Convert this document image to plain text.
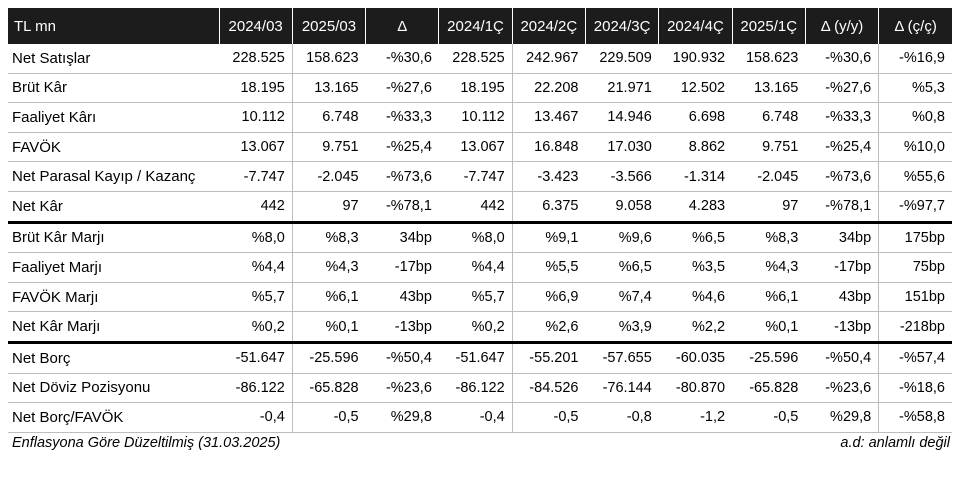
TL mn	2024/03	2025/03	Δ	2024/1Ç	2024/2Ç	2024/3Ç	2024/4Ç	2025/1Ç	Δ (y/y)	Δ (ç/ç)
Net Satışlar	228.525	158.623	-%30,6	228.525	242.967	229.509	190.932	158.623	-%30,6	-%16,9
Brüt Kâr	18.195	13.165	-%27,6	18.195	22.208	21.971	12.502	13.165	-%27,6	%5,3
Faaliyet Kârı	10.112	6.748	-%33,3	10.112	13.467	14.946	6.698	6.748	-%33,3	%0,8
FAVÖK	13.067	9.751	-%25,4	13.067	16.848	17.030	8.862	9.751	-%25,4	%10,0
Net Parasal Kayıp / Kazanç	-7.747	-2.045	-%73,6	-7.747	-3.423	-3.566	-1.314	-2.045	-%73,6	%55,6
Net Kâr	442	97	-%78,1	442	6.375	9.058	4.283	97	-%78,1	-%97,7
Brüt Kâr Marjı	%8,0	%8,3	34bp	%8,0	%9,1	%9,6	%6,5	%8,3	34bp	175bp
Faaliyet Marjı	%4,4	%4,3	-17bp	%4,4	%5,5	%6,5	%3,5	%4,3	-17bp	75bp
FAVÖK Marjı	%5,7	%6,1	43bp	%5,7	%6,9	%7,4	%4,6	%6,1	43bp	151bp
Net Kâr Marjı	%0,2	%0,1	-13bp	%0,2	%2,6	%3,9	%2,2	%0,1	-13bp	-218bp
Net Borç	-51.647	-25.596	-%50,4	-51.647	-55.201	-57.655	-60.035	-25.596	-%50,4	-%57,4
Net Döviz Pozisyonu	-86.122	-65.828	-%23,6	-86.122	-84.526	-76.144	-80.870	-65.828	-%23,6	-%18,6
Net Borç/FAVÖK	-0,4	-0,5	%29,8	-0,4	-0,5	-0,8	-1,2	-0,5	%29,8	-%58,8
Enflasyona Göre Düzeltilmiş (31.03.2025)	a.d: anlamlı değil
